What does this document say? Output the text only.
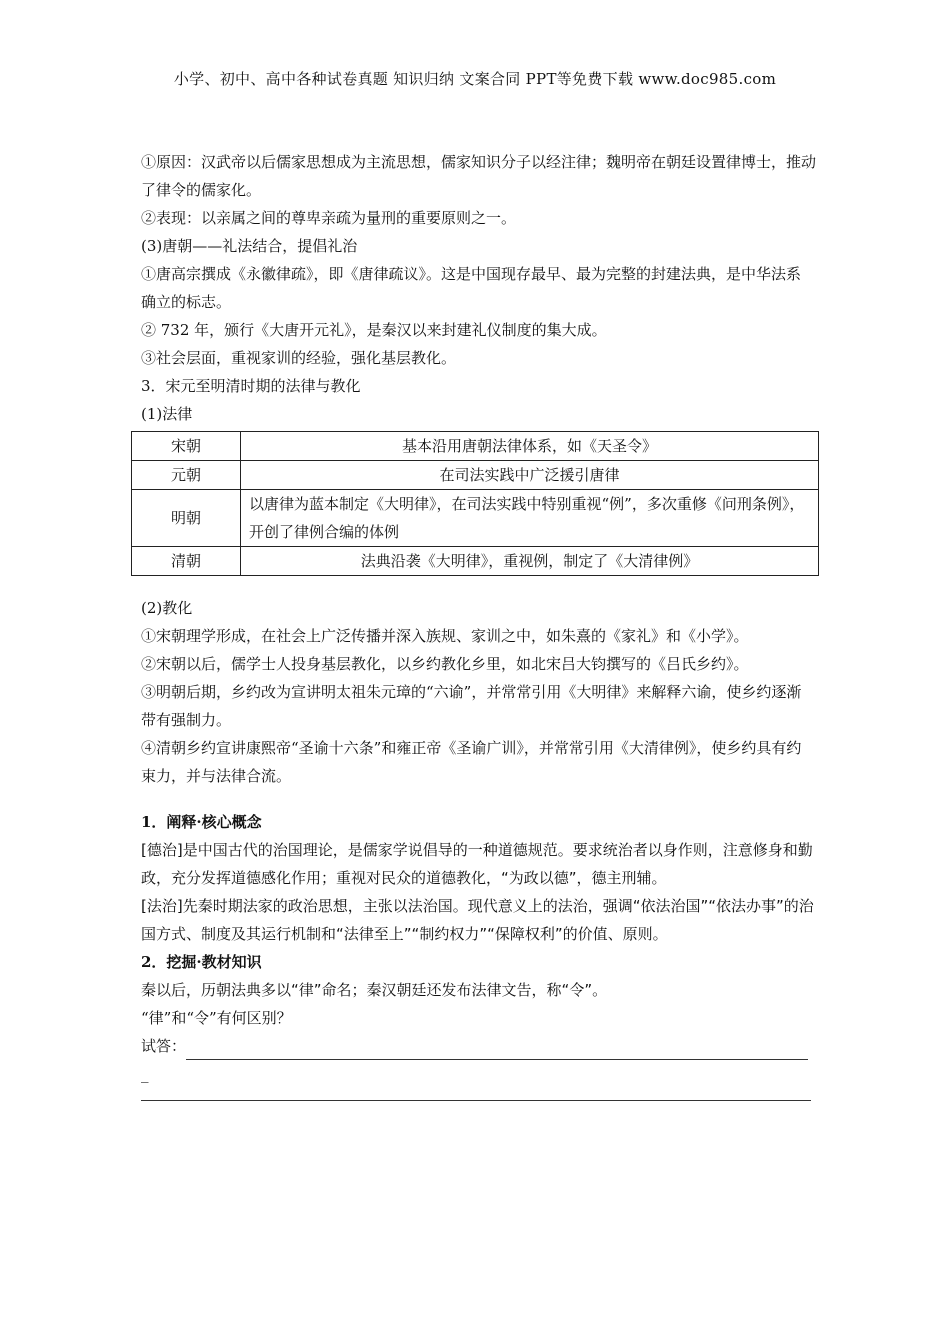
小学、初中、高中各种试卷真题 知识归纳 文案合同 PPT等免费下载 www.doc985.com

①原因：汉武帝以后儒家思想成为主流思想，儒家知识分子以经注律；魏明帝在朝廷设置律博士，推动了律令的儒家化。

②表现：以亲属之间的尊卑亲疏为量刑的重要原则之一。

(3)唐朝——礼法结合，提倡礼治

①唐高宗撰成《永徽律疏》，即《唐律疏议》。这是中国现存最早、最为完整的封建法典，是中华法系确立的标志。

② 732 年，颁行《大唐开元礼》，是秦汉以来封建礼仪制度的集大成。

③社会层面，重视家训的经验，强化基层教化。

3．宋元至明清时期的法律与教化

(1)法律

宋朝	基本沿用唐朝法律体系，如《天圣令》
元朝	在司法实践中广泛援引唐律
明朝	以唐律为蓝本制定《大明律》，在司法实践中特别重视“例”，多次重修《问刑条例》，开创了律例合编的体例
清朝	法典沿袭《大明律》，重视例，制定了《大清律例》

(2)教化

①宋朝理学形成，在社会上广泛传播并深入族规、家训之中，如朱熹的《家礼》和《小学》。

②宋朝以后，儒学士人投身基层教化，以乡约教化乡里，如北宋吕大钧撰写的《吕氏乡约》。

③明朝后期，乡约改为宣讲明太祖朱元璋的“六谕”，并常常引用《大明律》来解释六谕，使乡约逐渐带有强制力。

④清朝乡约宣讲康熙帝“圣谕十六条”和雍正帝《圣谕广训》，并常常引用《大清律例》，使乡约具有约束力，并与法律合流。

1．阐释·核心概念

[德治]是中国古代的治国理论，是儒家学说倡导的一种道德规范。要求统治者以身作则，注意修身和勤政，充分发挥道德感化作用；重视对民众的道德教化，“为政以德”，德主刑辅。

[法治]先秦时期法家的政治思想，主张以法治国。现代意义上的法治，强调“依法治国”“依法办事”的治国方式、制度及其运行机制和“法律至上”“制约权力”“保障权利”的价值、原则。

2．挖掘·教材知识

秦以后，历朝法典多以“律”命名；秦汉朝廷还发布法律文告，称“令”。

“律”和“令”有何区别？

试答：

_
